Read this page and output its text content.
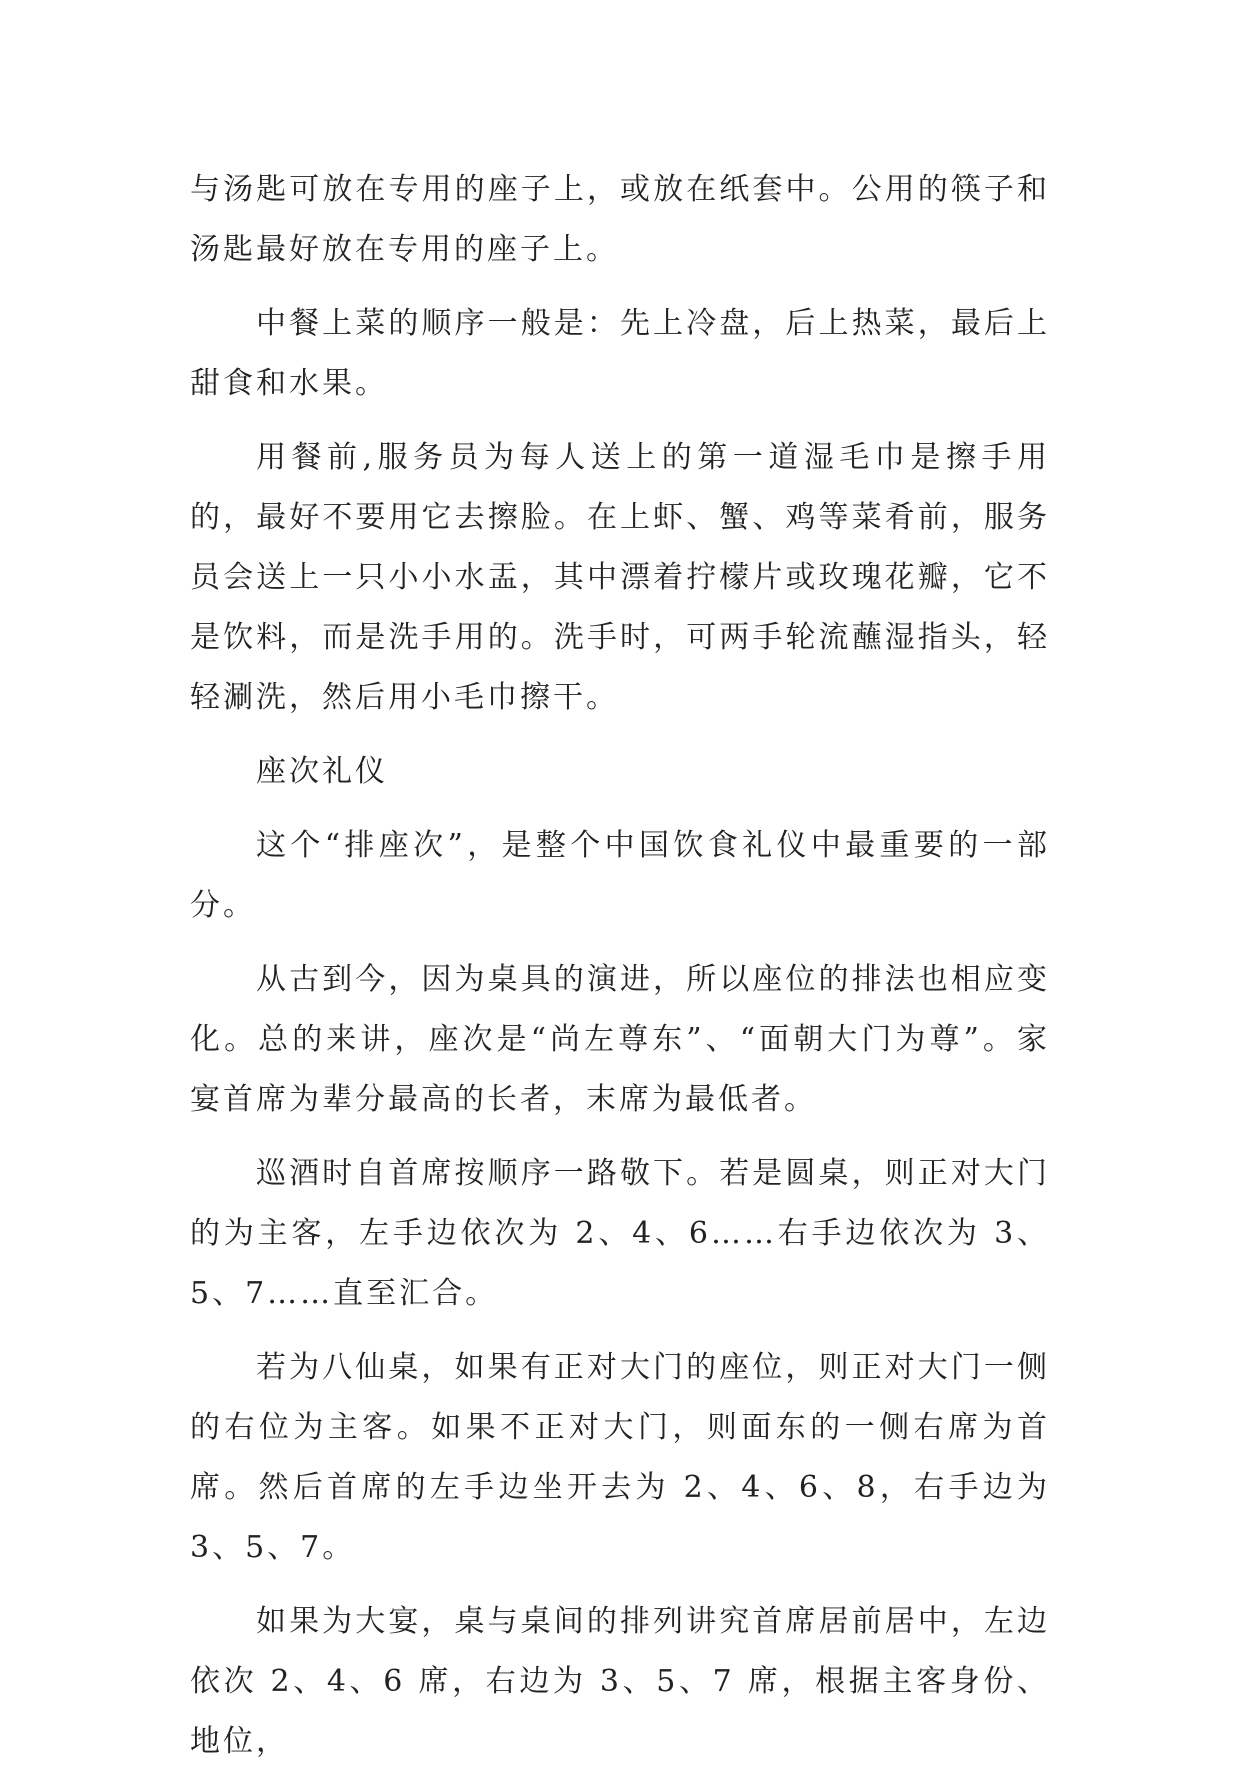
与汤匙可放在专用的座子上，或放在纸套中。公用的筷子和汤匙最好放在专用的座子上。

中餐上菜的顺序一般是：先上冷盘，后上热菜，最后上甜食和水果。

用餐前,服务员为每人送上的第一道湿毛巾是擦手用的，最好不要用它去擦脸。在上虾、蟹、鸡等菜肴前，服务员会送上一只小小水盂，其中漂着拧檬片或玫瑰花瓣，它不是饮料，而是洗手用的。洗手时，可两手轮流蘸湿指头，轻轻涮洗，然后用小毛巾擦干。

座次礼仪

这个“排座次”，是整个中国饮食礼仪中最重要的一部分。

从古到今，因为桌具的演进，所以座位的排法也相应变化。总的来讲，座次是“尚左尊东”、“面朝大门为尊”。家宴首席为辈分最高的长者，末席为最低者。

巡酒时自首席按顺序一路敬下。若是圆桌，则正对大门的为主客，左手边依次为 2、4、6……右手边依次为 3、5、7……直至汇合。

若为八仙桌，如果有正对大门的座位，则正对大门一侧的右位为主客。如果不正对大门，则面东的一侧右席为首席。然后首席的左手边坐开去为 2、4、6、8，右手边为 3、5、7。

如果为大宴，桌与桌间的排列讲究首席居前居中，左边依次 2、4、6 席，右边为 3、5、7 席，根据主客身份、地位，
